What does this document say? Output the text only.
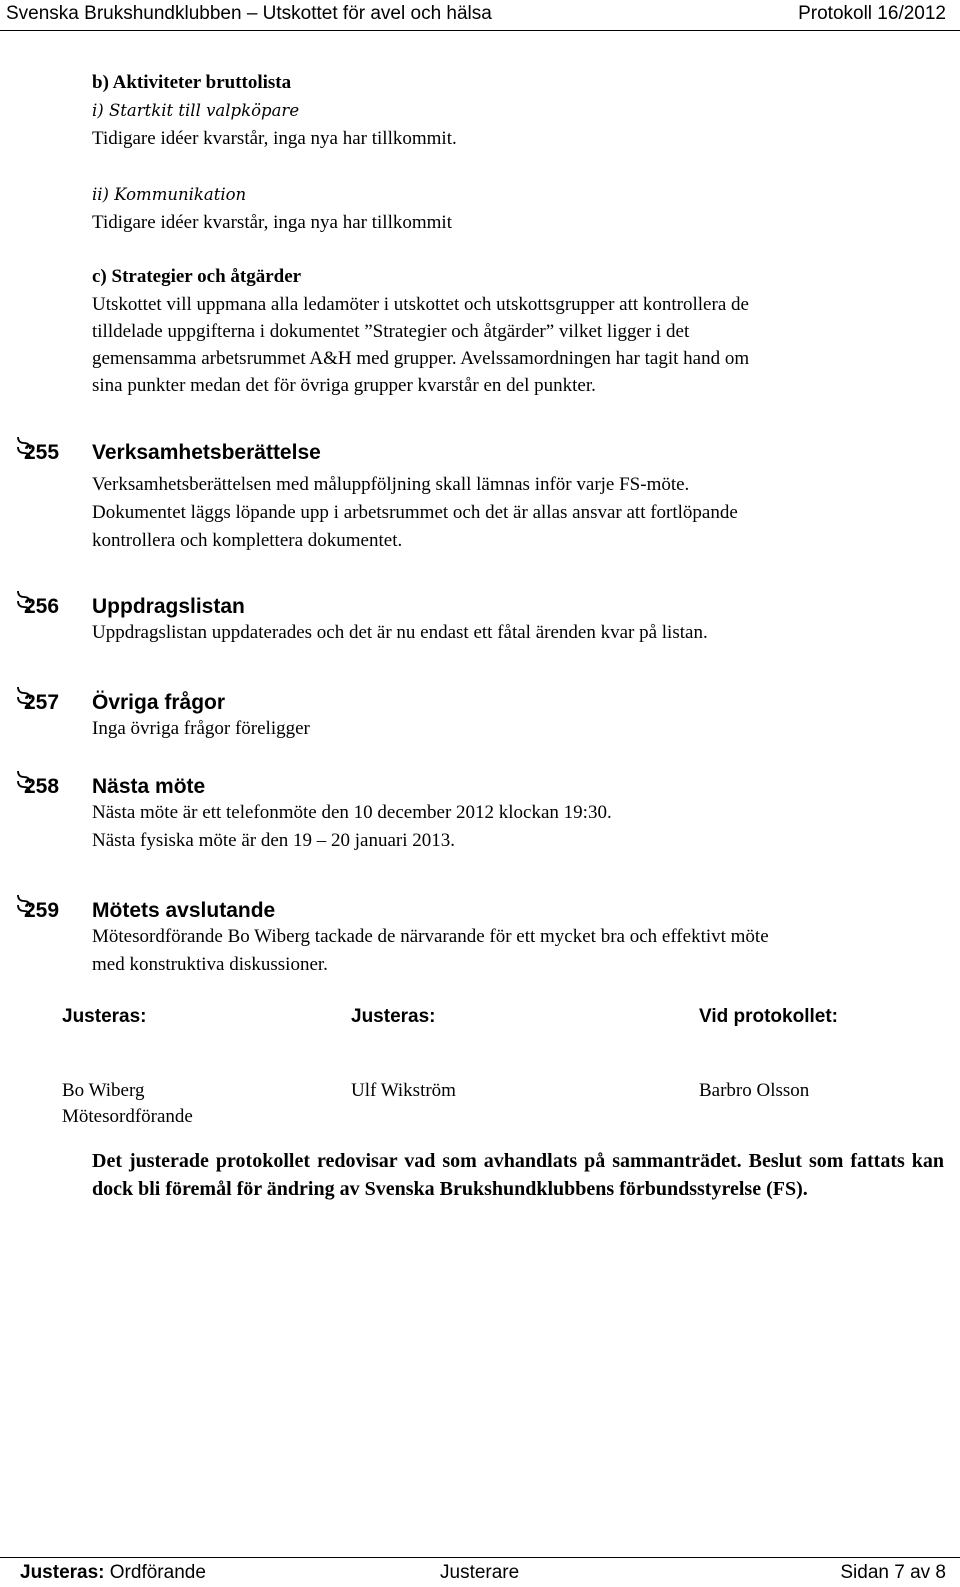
Svenska Brukshundklubben – Utskottet för avel och hälsa	Protokoll 16/2012
b) Aktiviteter bruttolista
i) Startkit till valpköpare
Tidigare idéer kvarstår, inga nya har tillkommit.
ii) Kommunikation
Tidigare idéer kvarstår, inga nya har tillkommit
c) Strategier och åtgärder
Utskottet vill uppmana alla ledamöter i utskottet och utskottsgrupper att kontrollera de
tilldelade uppgifterna i dokumentet ”Strategier och åtgärder” vilket ligger i det
gemensamma arbetsrummet A&H med grupper. Avelssamordningen har tagit hand om
sina punkter medan det för övriga grupper kvarstår en del punkter.
255 Verksamhetsberättelse
Verksamhetsberättelsen med måluppföljning skall lämnas inför varje FS-möte.
Dokumentet läggs löpande upp i arbetsrummet och det är allas ansvar att fortlöpande
kontrollera och komplettera dokumentet.
256 Uppdragslistan
Uppdragslistan uppdaterades och det är nu endast ett fåtal ärenden kvar på listan.
257 Övriga frågor
Inga övriga frågor föreligger
258 Nästa möte
Nästa möte är ett telefonmöte den 10 december 2012 klockan 19:30.
Nästa fysiska möte är den 19 – 20 januari 2013.
259 Mötets avslutande
Mötesordförande Bo Wiberg tackade de närvarande för ett mycket bra och effektivt möte
med konstruktiva diskussioner.
Justeras:	Justeras:	Vid protokollet:
Bo Wiberg	Ulf Wikström	Barbro Olsson
Mötesordförande
Det justerade protokollet redovisar vad som avhandlats på sammanträdet. Beslut som fattats kan dock bli föremål för ändring av Svenska Brukshundklubbens förbundsstyrelse (FS).
Justeras: Ordförande	Justerare	Sidan 7 av 8
